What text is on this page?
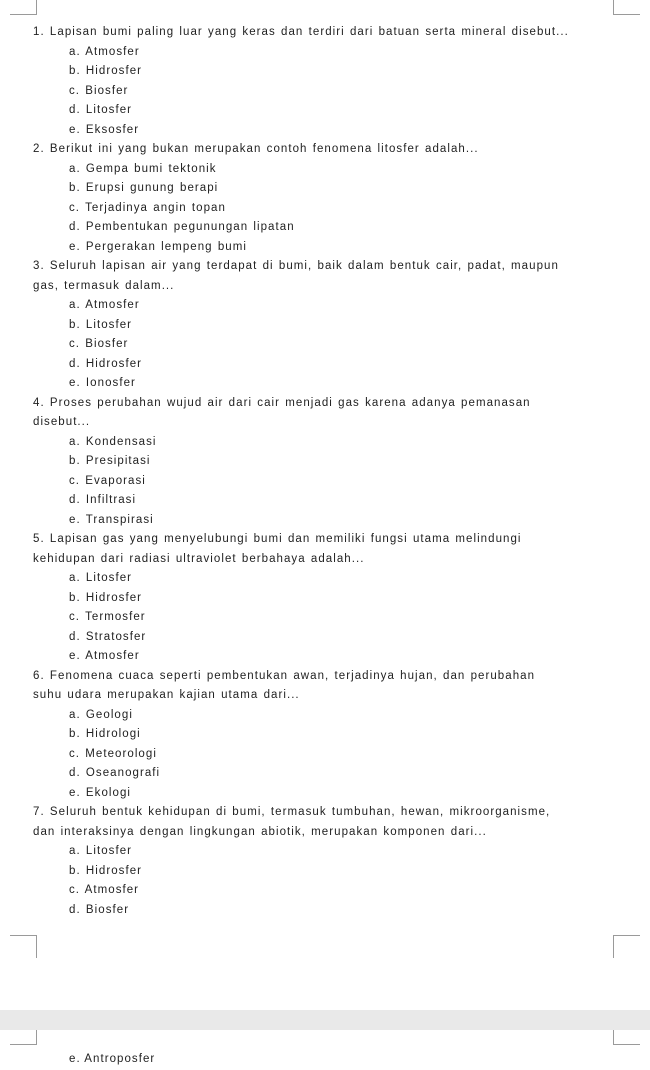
1. Lapisan bumi paling luar yang keras dan terdiri dari batuan serta mineral disebut...
a. Atmosfer
b. Hidrosfer
c. Biosfer
d. Litosfer
e. Eksosfer
2. Berikut ini yang bukan merupakan contoh fenomena litosfer adalah...
a. Gempa bumi tektonik
b. Erupsi gunung berapi
c. Terjadinya angin topan
d. Pembentukan pegunungan lipatan
e. Pergerakan lempeng bumi
3. Seluruh lapisan air yang terdapat di bumi, baik dalam bentuk cair, padat, maupun
gas, termasuk dalam...
a. Atmosfer
b. Litosfer
c. Biosfer
d. Hidrosfer
e. Ionosfer
4. Proses perubahan wujud air dari cair menjadi gas karena adanya pemanasan
disebut...
a. Kondensasi
b. Presipitasi
c. Evaporasi
d. Infiltrasi
e. Transpirasi
5. Lapisan gas yang menyelubungi bumi dan memiliki fungsi utama melindungi
kehidupan dari radiasi ultraviolet berbahaya adalah...
a. Litosfer
b. Hidrosfer
c. Termosfer
d. Stratosfer
e. Atmosfer
6. Fenomena cuaca seperti pembentukan awan, terjadinya hujan, dan perubahan
suhu udara merupakan kajian utama dari...
a. Geologi
b. Hidrologi
c. Meteorologi
d. Oseanografi
e. Ekologi
7. Seluruh bentuk kehidupan di bumi, termasuk tumbuhan, hewan, mikroorganisme,
dan interaksinya dengan lingkungan abiotik, merupakan komponen dari...
a. Litosfer
b. Hidrosfer
c. Atmosfer
d. Biosfer
e. Antroposfer
